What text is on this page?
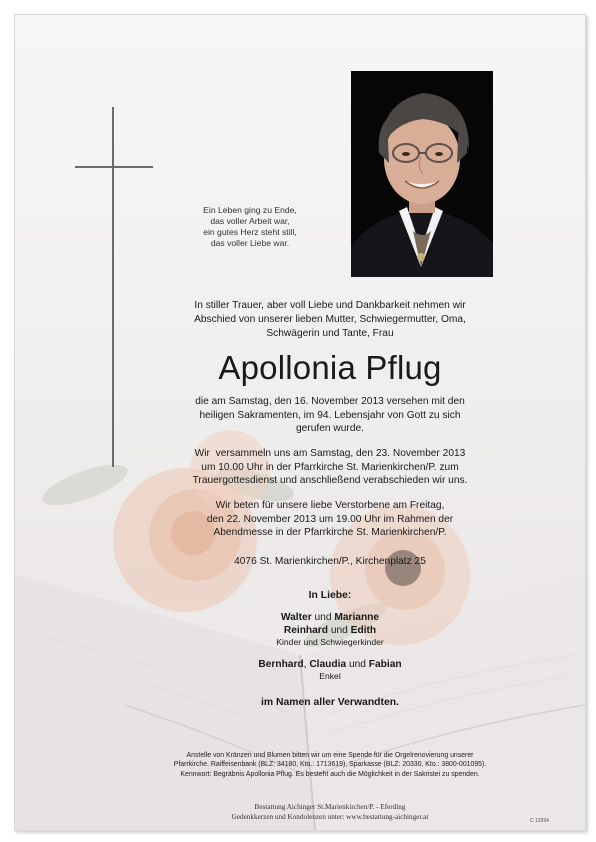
Ein Leben ging zu Ende,
das voller Arbeit war,
ein gutes Herz steht still,
das voller Liebe war.
In stiller Trauer, aber voll Liebe und Dankbarkeit nehmen wir
Abschied von unserer lieben Mutter, Schwiegermutter, Oma,
Schwägerin und Tante, Frau
Apollonia Pflug
die am Samstag, den 16. November 2013 versehen mit den
heiligen Sakramenten, im 94. Lebensjahr von Gott zu sich
gerufen wurde.
Wir  versammeln uns am Samstag, den 23. November 2013
um 10.00 Uhr in der Pfarrkirche St. Marienkirchen/P. zum
Trauergottesdienst und anschließend verabschieden wir uns.
Wir beten für unsere liebe Verstorbene am Freitag,
den 22. November 2013 um 19.00 Uhr im Rahmen der
Abendmesse in der Pfarrkirche St. Marienkirchen/P.
4076 St. Marienkirchen/P., Kirchenplatz 25
In Liebe:
Walter und Marianne
Reinhard und Edith
Kinder und Schwiegerkinder
Bernhard, Claudia und Fabian
Enkel
im Namen aller Verwandten.
Anstelle von Kränzen und Blumen bitten wir um eine Spende für die Orgelrenovierung unserer
Pfarrkirche. Raiffeisenbank (BLZ: 34180, Kto.: 1713619), Sparkasse (BLZ: 20330, Kto.: 3800-001095).
Kennwort: Begräbnis Apollonia Pflug. Es besteht auch die Möglichkeit in der Sakristei zu spenden.
Bestattung Aichinger St.Marienkirchen/P. - Eferding
Gedenkkerzen und Kondolenzen unter: www.bestattung-aichinger.at
C 13394
